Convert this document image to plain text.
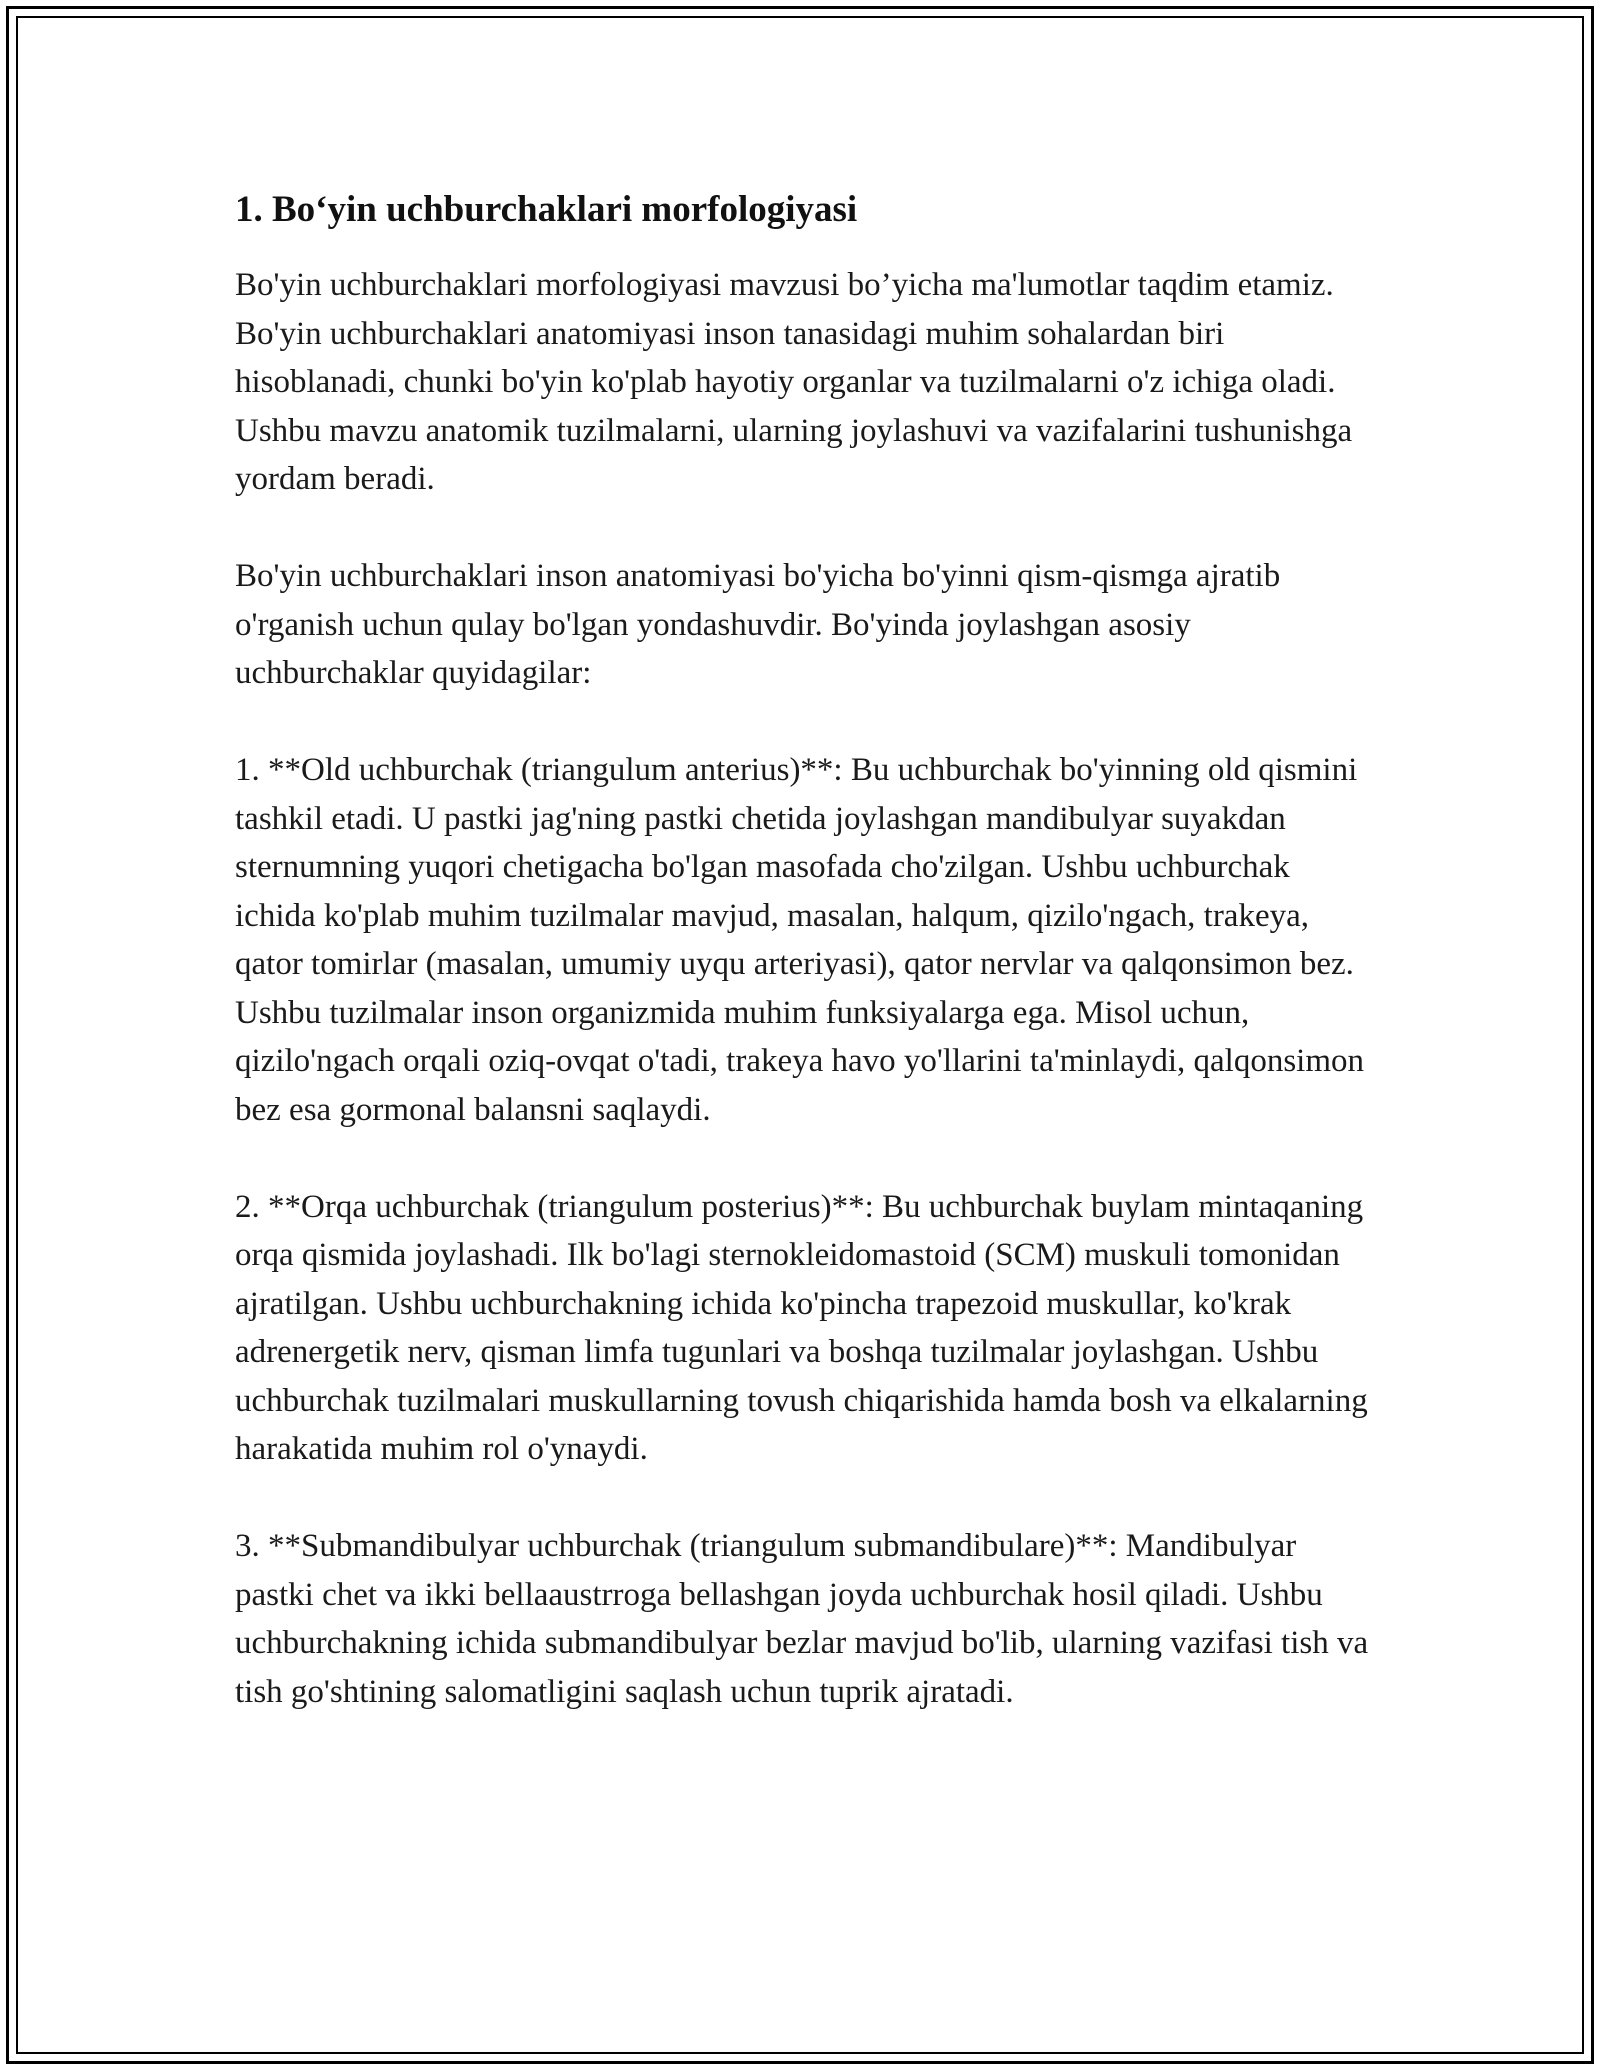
1. Bo‘yin uchburchaklari morfologiyasi

Bo'yin uchburchaklari morfologiyasi mavzusi bo’yicha ma'lumotlar taqdim etamiz. Bo'yin uchburchaklari anatomiyasi inson tanasidagi muhim sohalardan biri hisoblanadi, chunki bo'yin ko'plab hayotiy organlar va tuzilmalarni o'z ichiga oladi. Ushbu mavzu anatomik tuzilmalarni, ularning joylashuvi va vazifalarini tushunishga yordam beradi.

Bo'yin uchburchaklari inson anatomiyasi bo'yicha bo'yinni qism-qismga ajratib o'rganish uchun qulay bo'lgan yondashuvdir. Bo'yinda joylashgan asosiy uchburchaklar quyidagilar:

1. **Old uchburchak (triangulum anterius)**: Bu uchburchak bo'yinning old qismini tashkil etadi. U pastki jag'ning pastki chetida joylashgan mandibulyar suyakdan sternumning yuqori chetigacha bo'lgan masofada cho'zilgan. Ushbu uchburchak ichida ko'plab muhim tuzilmalar mavjud, masalan, halqum, qizilo'ngach, trakeya, qator tomirlar (masalan, umumiy uyqu arteriyasi), qator nervlar va qalqonsimon bez. Ushbu tuzilmalar inson organizmida muhim funksiyalarga ega. Misol uchun, qizilo'ngach orqali oziq-ovqat o'tadi, trakeya havo yo'llarini ta'minlaydi, qalqonsimon bez esa gormonal balansni saqlaydi.

2. **Orqa uchburchak (triangulum posterius)**: Bu uchburchak buylam mintaqaning orqa qismida joylashadi. Ilk bo'lagi sternokleidomastoid (SCM) muskuli tomonidan ajratilgan. Ushbu uchburchakning ichida ko'pincha trapezoid muskullar, ko'krak adrenergetik nerv, qisman limfa tugunlari va boshqa tuzilmalar joylashgan. Ushbu uchburchak tuzilmalari muskullarning tovush chiqarishida hamda bosh va elkalarning harakatida muhim rol o'ynaydi.

3. **Submandibulyar uchburchak (triangulum submandibulare)**: Mandibulyar pastki chet va ikki bellaaustrroga bellashgan joyda uchburchak hosil qiladi. Ushbu uchburchakning ichida submandibulyar bezlar mavjud bo'lib, ularning vazifasi tish va tish go'shtining salomatligini saqlash uchun tuprik ajratadi.
